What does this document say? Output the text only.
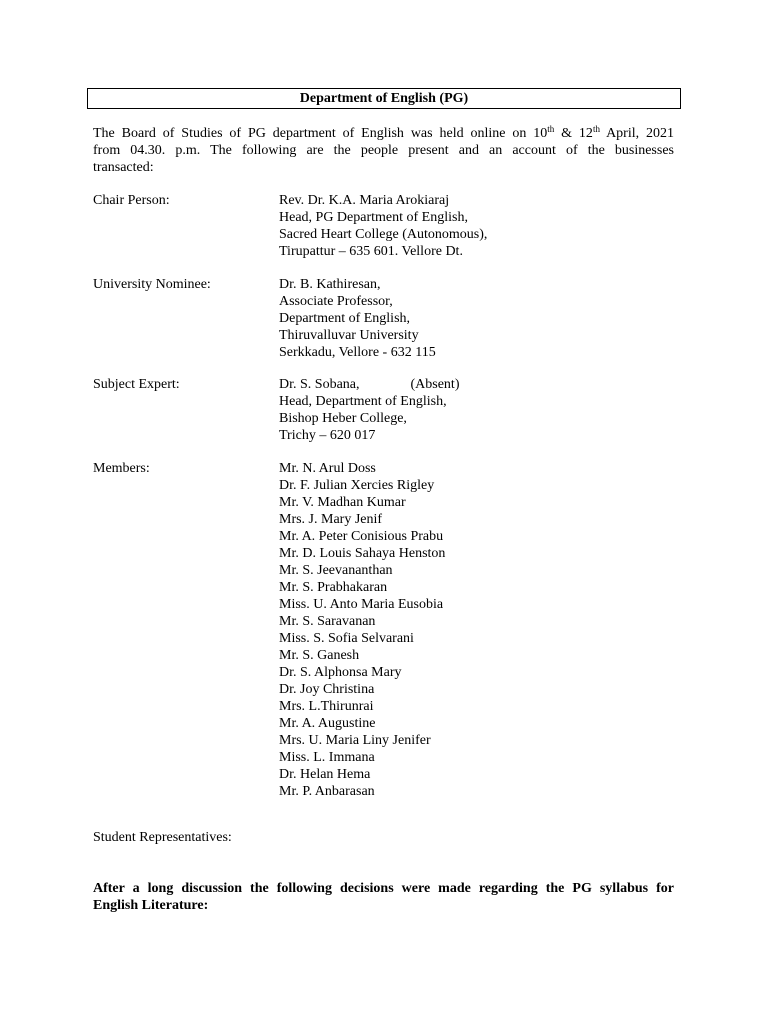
Department of English (PG)
The Board of Studies of PG department of English was held online on 10th & 12th April, 2021
from 04.30. p.m. The following are the people present and an account of the businesses
transacted:
Chair Person:	Rev. Dr. K.A. Maria Arokiaraj
Head, PG Department of English,
Sacred Heart College (Autonomous),
Tirupattur – 635 601. Vellore Dt.
University Nominee:	Dr. B. Kathiresan,
Associate Professor,
Department of English,
Thiruvalluvar University
Serkkadu, Vellore - 632 115
Subject Expert:	Dr. S. Sobana,	(Absent)
Head, Department of English,
Bishop Heber College,
Trichy – 620 017
Members:	Mr. N. Arul Doss
Dr. F. Julian Xercies Rigley
Mr. V. Madhan Kumar
Mrs. J. Mary Jenif
Mr. A. Peter Conisious Prabu
Mr. D. Louis Sahaya Henston
Mr. S. Jeevananthan
Mr. S. Prabhakaran
Miss. U. Anto Maria Eusobia
Mr. S. Saravanan
Miss. S. Sofia Selvarani
Mr. S. Ganesh
Dr. S. Alphonsa Mary
Dr. Joy Christina
Mrs. L.Thirunrai
Mr. A. Augustine
Mrs. U. Maria Liny Jenifer
Miss. L. Immana
Dr. Helan Hema
Mr. P. Anbarasan
Student Representatives:
After a long discussion the following decisions were made regarding the PG syllabus for
English Literature:
